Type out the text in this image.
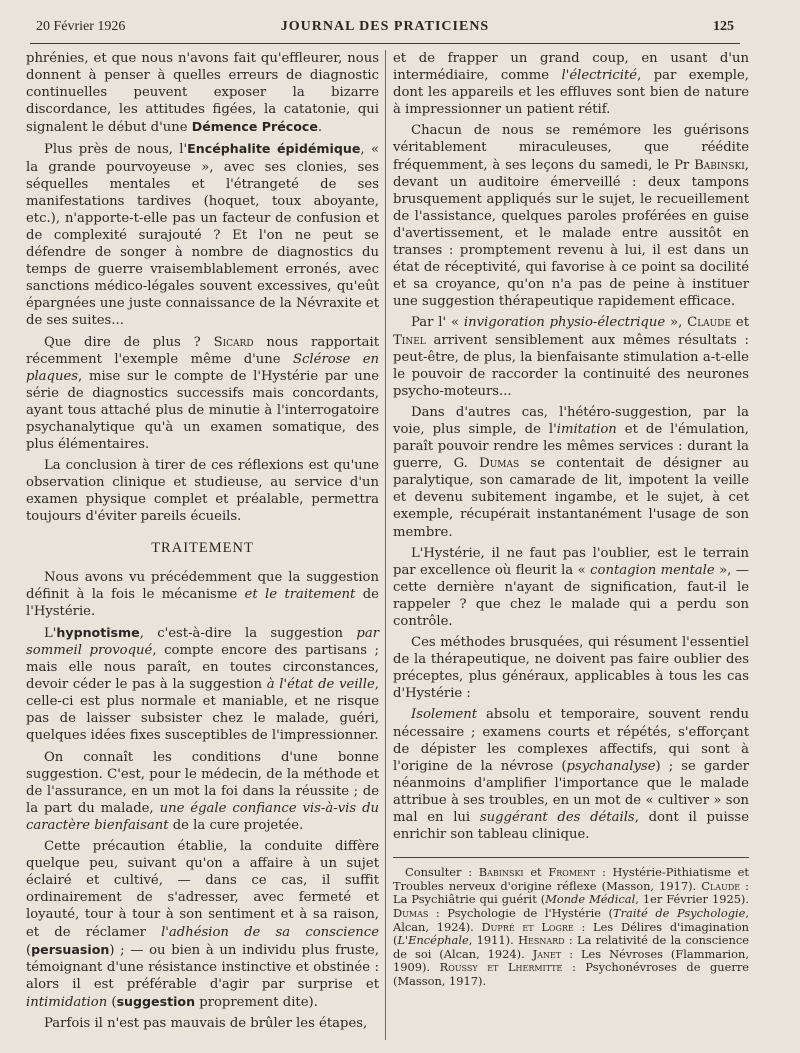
20 Février 1926	JOURNAL DES PRATICIENS	125

phrénies, et que nous n'avons fait qu'effleurer, nous donnent à penser à quelles erreurs de diagnostic continuelles peuvent exposer la bizarre discordance, les attitudes figées, la catatonie, qui signalent le début d'une Démence Précoce.

Plus près de nous, l'Encéphalite épidémique, « la grande pourvoyeuse », avec ses clonies, ses séquelles mentales et l'étrangeté de ses manifestations tardives (hoquet, toux aboyante, etc.), n'apporte-t-elle pas un facteur de confusion et de complexité surajouté ? Et l'on ne peut se défendre de songer à nombre de diagnostics du temps de guerre vraisemblablement erronés, avec sanctions médico-légales souvent excessives, qu'eût épargnées une juste connaissance de la Névraxite et de ses suites...

Que dire de plus ? Sicard nous rapportait récemment l'exemple même d'une Sclérose en plaques, mise sur le compte de l'Hystérie par une série de diagnostics successifs mais concordants, ayant tous attaché plus de minutie à l'interrogatoire psychanalytique qu'à un examen somatique, des plus élémentaires.

La conclusion à tirer de ces réflexions est qu'une observation clinique et studieuse, au service d'un examen physique complet et préalable, permettra toujours d'éviter pareils écueils.

TRAITEMENT

Nous avons vu précédemment que la suggestion définit à la fois le mécanisme et le traitement de l'Hystérie.

L'hypnotisme, c'est-à-dire la suggestion par sommeil provoqué, compte encore des partisans ; mais elle nous paraît, en toutes circonstances, devoir céder le pas à la suggestion à l'état de veille, celle-ci est plus normale et maniable, et ne risque pas de laisser subsister chez le malade, guéri, quelques idées fixes susceptibles de l'impressionner.

On connaît les conditions d'une bonne suggestion. C'est, pour le médecin, de la méthode et de l'assurance, en un mot la foi dans la réussite ; de la part du malade, une égale confiance vis-à-vis du caractère bienfaisant de la cure projetée.

Cette précaution établie, la conduite diffère quelque peu, suivant qu'on a affaire à un sujet éclairé et cultivé, — dans ce cas, il suffit ordinairement de s'adresser, avec fermeté et loyauté, tour à tour à son sentiment et à sa raison, et de réclamer l'adhésion de sa conscience (persuasion) ; — ou bien à un individu plus fruste, témoignant d'une résistance instinctive et obstinée : alors il est préférable d'agir par surprise et intimidation (suggestion proprement dite).

Parfois il n'est pas mauvais de brûler les étapes,

et de frapper un grand coup, en usant d'un intermédiaire, comme l'électricité, par exemple, dont les appareils et les effluves sont bien de nature à impressionner un patient rétif.

Chacun de nous se remémore les guérisons véritablement miraculeuses, que réédite fréquemment, à ses leçons du samedi, le Pr Babinski, devant un auditoire émerveillé : deux tampons brusquement appliqués sur le sujet, le recueillement de l'assistance, quelques paroles proférées en guise d'avertissement, et le malade entre aussitôt en transes : promptement revenu à lui, il est dans un état de réceptivité, qui favorise à ce point sa docilité et sa croyance, qu'on n'a pas de peine à instituer une suggestion thérapeutique rapidement efficace.

Par l' « invigoration physio-électrique », Claude et Tinel arrivent sensiblement aux mêmes résultats : peut-être, de plus, la bienfaisante stimulation a-t-elle le pouvoir de raccorder la continuité des neurones psycho-moteurs...

Dans d'autres cas, l'hétéro-suggestion, par la voie, plus simple, de l'imitation et de l'émulation, paraît pouvoir rendre les mêmes services : durant la guerre, G. Dumas se contentait de désigner au paralytique, son camarade de lit, impotent la veille et devenu subitement ingambe, et le sujet, à cet exemple, récupérait instantanément l'usage de son membre.

L'Hystérie, il ne faut pas l'oublier, est le terrain par excellence où fleurit la « contagion mentale », — cette dernière n'ayant de signification, faut-il le rappeler ? que chez le malade qui a perdu son contrôle.

Ces méthodes brusquées, qui résument l'essentiel de la thérapeutique, ne doivent pas faire oublier des préceptes, plus généraux, applicables à tous les cas d'Hystérie :

Isolement absolu et temporaire, souvent rendu nécessaire ; examens courts et répétés, s'efforçant de dépister les complexes affectifs, qui sont à l'origine de la névrose (psychanalyse) ; se garder néanmoins d'amplifier l'importance que le malade attribue à ses troubles, en un mot de « cultiver » son mal en lui suggérant des détails, dont il puisse enrichir son tableau clinique.

Consulter : Babinski et Froment : Hystérie-Pithiatisme et Troubles nerveux d'origine réflexe (Masson, 1917). Claude : La Psychiâtrie qui guérit (Monde Médical, 1er Février 1925). Dumas : Psychologie de l'Hystérie (Traité de Psychologie, Alcan, 1924). Dupré et Logre : Les Délires d'imagination (L'Encéphale, 1911). Hesnard : La relativité de la conscience de soi (Alcan, 1924). Janet : Les Névroses (Flammarion, 1909). Roussy et Lhermitte : Psychonévroses de guerre (Masson, 1917).
